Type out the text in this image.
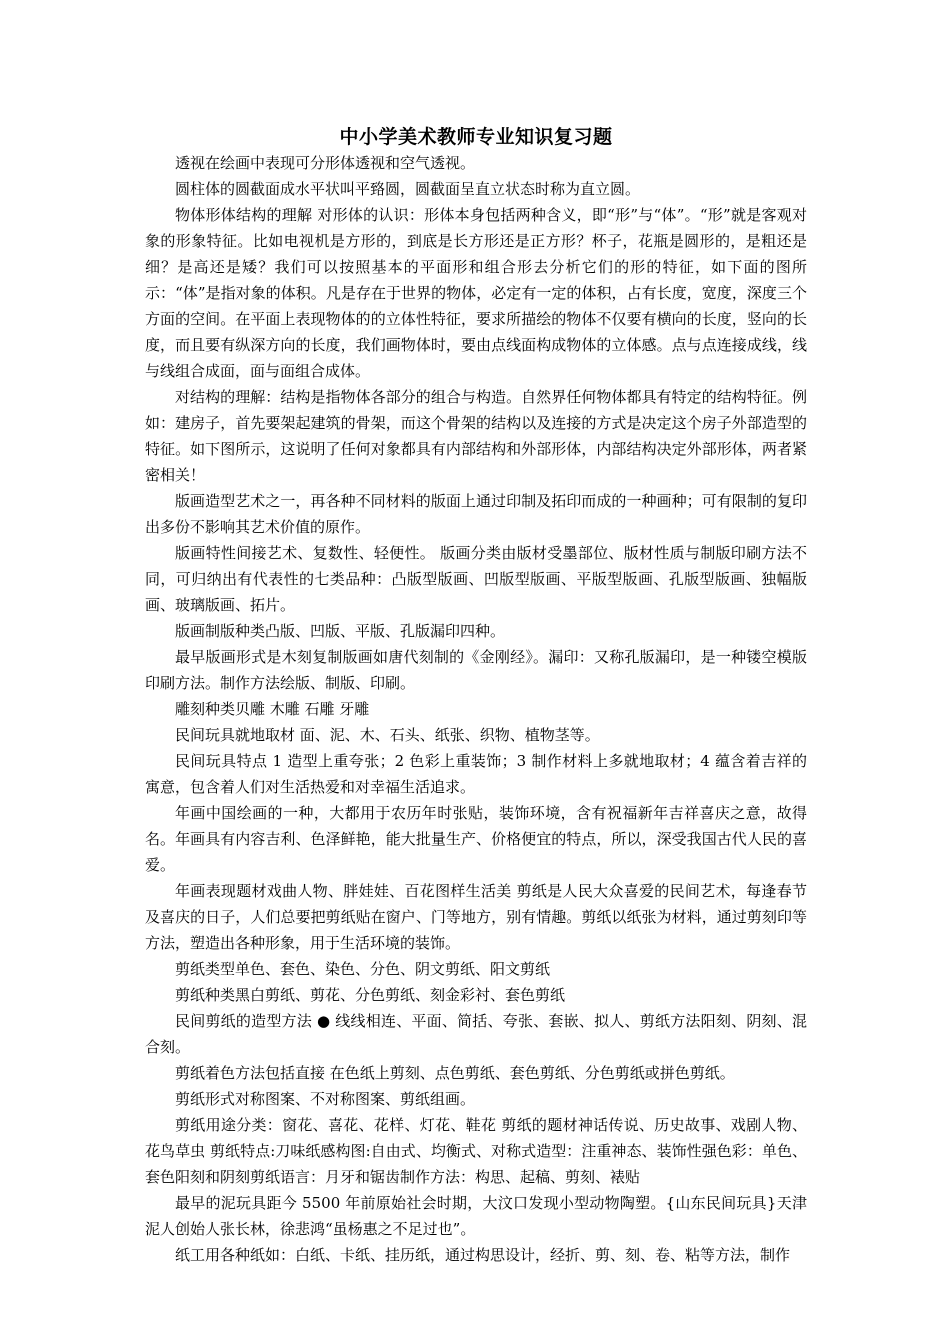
中小学美术教师专业知识复习题

透视在绘画中表现可分形体透视和空气透视。

圆柱体的圆截面成水平状叫平臵圆，圆截面呈直立状态时称为直立圆。

物体形体结构的理解 对形体的认识：形体本身包括两种含义，即“形”与“体”。“形”就是客观对象的形象特征。比如电视机是方形的，到底是长方形还是正方形？杯子，花瓶是圆形的，是粗还是细？是高还是矮？我们可以按照基本的平面形和组合形去分析它们的形的特征，如下面的图所示：“体”是指对象的体积。凡是存在于世界的物体，必定有一定的体积，占有长度，宽度，深度三个方面的空间。在平面上表现物体的的立体性特征，要求所描绘的物体不仅要有横向的长度，竖向的长度，而且要有纵深方向的长度，我们画物体时，要由点线面构成物体的立体感。点与点连接成线，线与线组合成面，面与面组合成体。

对结构的理解：结构是指物体各部分的组合与构造。自然界任何物体都具有特定的结构特征。例如：建房子，首先要架起建筑的骨架，而这个骨架的结构以及连接的方式是决定这个房子外部造型的特征。如下图所示，这说明了任何对象都具有内部结构和外部形体，内部结构决定外部形体，两者紧密相关！

版画造型艺术之一，再各种不同材料的版面上通过印制及拓印而成的一种画种；可有限制的复印出多份不影响其艺术价值的原作。

版画特性间接艺术、复数性、轻便性。 版画分类由版材受墨部位、版材性质与制版印刷方法不同，可归纳出有代表性的七类品种：凸版型版画、凹版型版画、平版型版画、孔版型版画、独幅版画、玻璃版画、拓片。

版画制版种类凸版、凹版、平版、孔版漏印四种。

最早版画形式是木刻复制版画如唐代刻制的《金刚经》。漏印：又称孔版漏印，是一种镂空模版印刷方法。制作方法绘版、制版、印刷。

雕刻种类贝雕 木雕 石雕 牙雕

民间玩具就地取材 面、泥、木、石头、纸张、织物、植物茎等。

民间玩具特点 1 造型上重夸张；2 色彩上重装饰；3 制作材料上多就地取材；4 蕴含着吉祥的寓意，包含着人们对生活热爱和对幸福生活追求。

年画中国绘画的一种，大都用于农历年时张贴，装饰环境，含有祝福新年吉祥喜庆之意，故得名。年画具有内容吉利、色泽鲜艳，能大批量生产、价格便宜的特点，所以，深受我国古代人民的喜爱。

年画表现题材戏曲人物、胖娃娃、百花图样生活美 剪纸是人民大众喜爱的民间艺术，每逢春节及喜庆的日子，人们总要把剪纸贴在窗户、门等地方，别有情趣。剪纸以纸张为材料，通过剪刻印等方法，塑造出各种形象，用于生活环境的装饰。

剪纸类型单色、套色、染色、分色、阴文剪纸、阳文剪纸

剪纸种类黑白剪纸、剪花、分色剪纸、刻金彩衬、套色剪纸

民间剪纸的造型方法 ● 线线相连、平面、简括、夸张、套嵌、拟人、剪纸方法阳刻、阴刻、混合刻。

剪纸着色方法包括直接 在色纸上剪刻、点色剪纸、套色剪纸、分色剪纸或拼色剪纸。

剪纸形式对称图案、不对称图案、剪纸组画。

剪纸用途分类：窗花、喜花、花样、灯花、鞋花 剪纸的题材神话传说、历史故事、戏剧人物、花鸟草虫 剪纸特点:刀味纸感构图:自由式、均衡式、对称式造型：注重神态、装饰性强色彩：单色、套色阳刻和阴刻剪纸语言：月牙和锯齿制作方法：构思、起稿、剪刻、裱贴

最早的泥玩具距今 5500 年前原始社会时期，大汶口发现小型动物陶塑。{山东民间玩具}天津泥人创始人张长林，徐悲鸿“虽杨惠之不足过也”。

纸工用各种纸如：白纸、卡纸、挂历纸，通过构思设计，经折、剪、刻、卷、粘等方法，制作
